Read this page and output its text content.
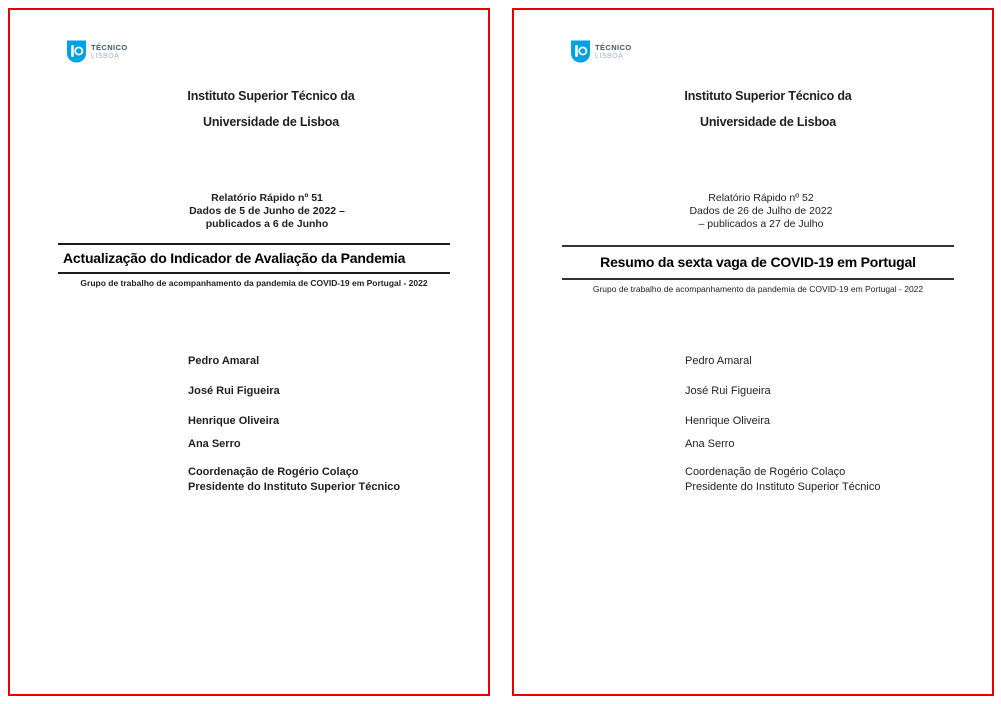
TÉCNICO
LISBOA
Instituto Superior Técnico da
Universidade de Lisboa
Relatório Rápido nº 51
Dados de 5 de Junho de 2022 –
publicados a 6 de Junho
Actualização do Indicador de Avaliação da Pandemia
Grupo de trabalho de acompanhamento da pandemia de COVID-19 em Portugal - 2022
Pedro Amaral
José Rui Figueira
Henrique Oliveira
Ana Serro
Coordenação de Rogério Colaço
Presidente do Instituto Superior Técnico
TÉCNICO
LISBOA
Instituto Superior Técnico da
Universidade de Lisboa
Relatório Rápido nº 52
Dados de 26 de Julho de 2022
– publicados a 27 de Julho
Resumo da sexta vaga de COVID-19 em Portugal
Grupo de trabalho de acompanhamento da pandemia de COVID-19 em Portugal - 2022
Pedro Amaral
José Rui Figueira
Henrique Oliveira
Ana Serro
Coordenação de Rogério Colaço
Presidente do Instituto Superior Técnico
